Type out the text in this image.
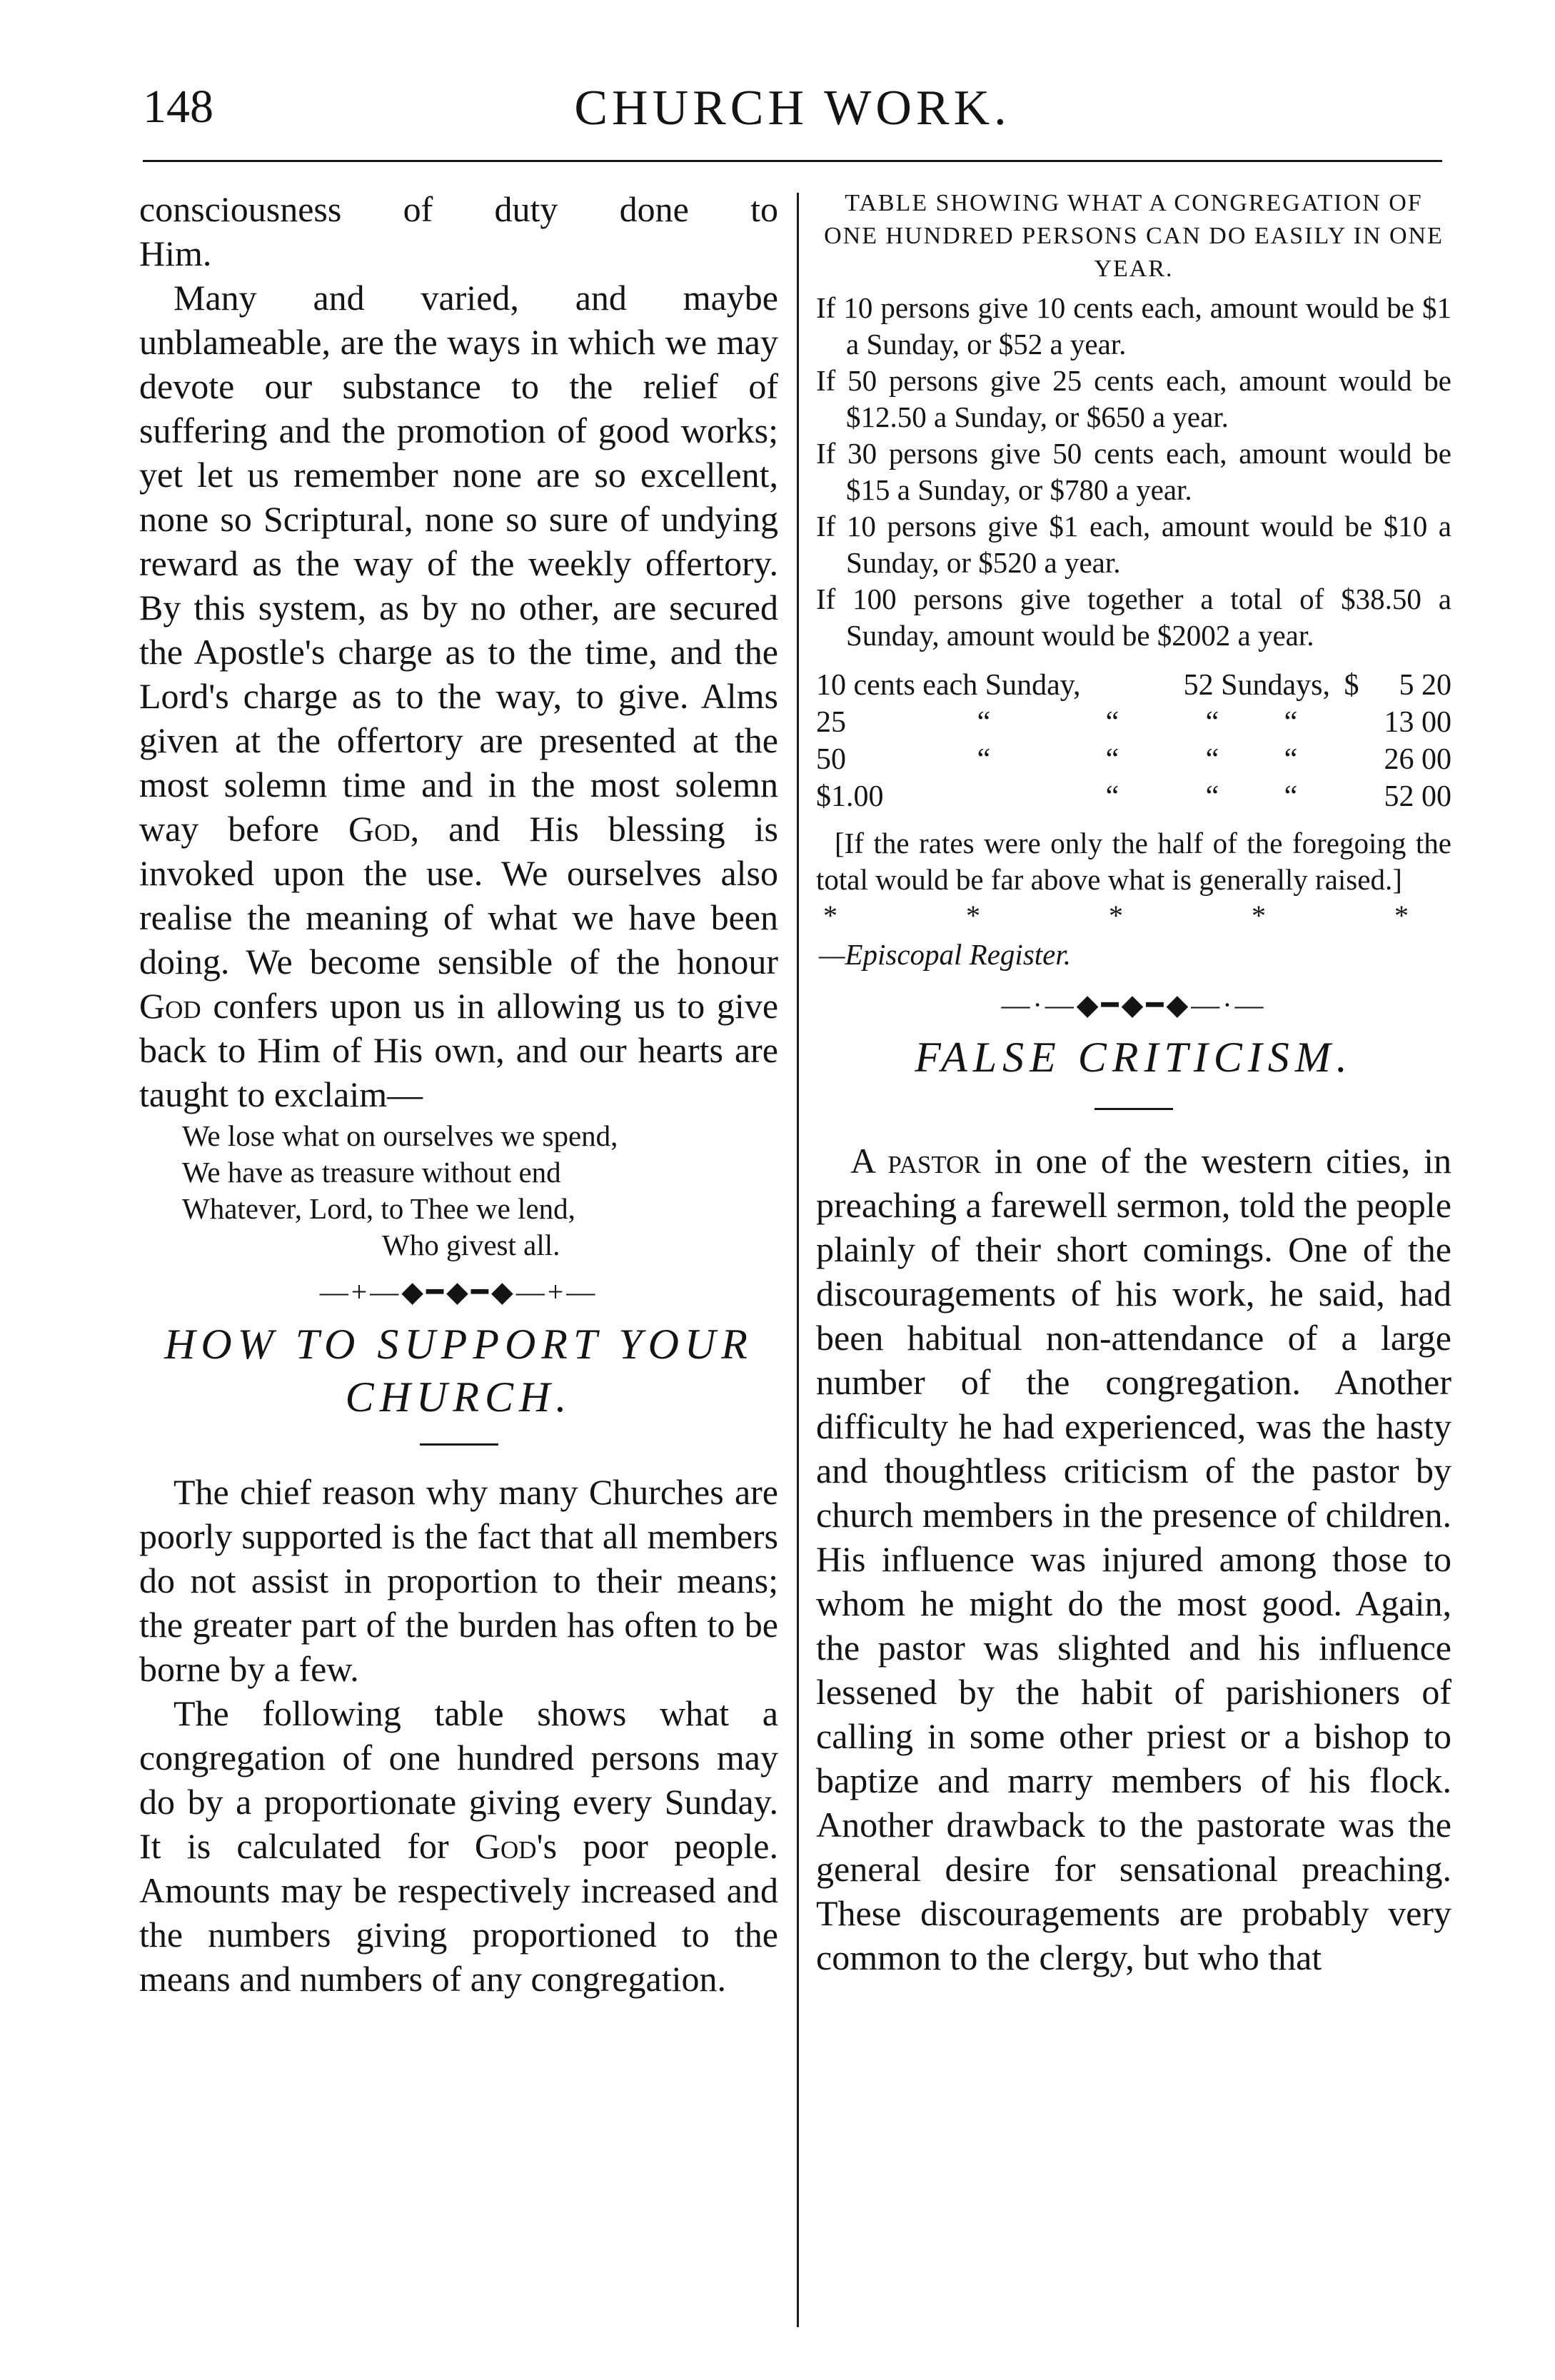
148	CHURCH WORK.

consciousness of duty done to
Him.

Many and varied, and maybe unblameable, are the ways in which we may devote our substance to the relief of suffering and the promotion of good works; yet let us remember none are so excellent, none so Scriptural, none so sure of undying reward as the way of the weekly offertory. By this system, as by no other, are secured the Apostle's charge as to the time, and the Lord's charge as to the way, to give. Alms given at the offertory are presented at the most solemn time and in the most solemn way before God, and His blessing is invoked upon the use. We ourselves also realise the meaning of what we have been doing. We become sensible of the honour God confers upon us in allowing us to give back to Him of His own, and our hearts are taught to exclaim—

We lose what on ourselves we spend,
We have as treasure without end
Whatever, Lord, to Thee we lend,
Who givest all.
—+—◆━◆━◆—+—

HOW TO SUPPORT YOUR
CHURCH.

The chief reason why many Churches are poorly supported is the fact that all members do not assist in proportion to their means; the greater part of the burden has often to be borne by a few.

The following table shows what a congregation of one hundred persons may do by a proportionate giving every Sunday. It is calculated for God's poor people. Amounts may be respectively increased and the numbers giving proportioned to the means and numbers of any congregation.

TABLE SHOWING WHAT A CONGREGATION OF ONE HUNDRED PERSONS CAN DO EASILY IN ONE YEAR.

If 10 persons give 10 cents each, amount would be $1 a Sunday, or $52 a year.

If 50 persons give 25 cents each, amount would be $12.50 a Sunday, or $650 a year.

If 30 persons give 50 cents each, amount would be $15 a Sunday, or $780 a year.

If 10 persons give $1 each, amount would be $10 a Sunday, or $520 a year.

If 100 persons give together a total of $38.50 a Sunday, amount would be $2002 a year.

10 cents each Sunday,			52 Sundays,		$	5 20
25	“	“	“	“		13 00
50	“	“	“	“		26 00
$1.00		“	“	“		52 00

[If the rates were only the half of the foregoing the total would be far above what is generally raised.]

*	*	*	*	*
—Episcopal Register.
—·—◆━◆━◆—·—

FALSE CRITICISM.

A pastor in one of the western cities, in preaching a farewell sermon, told the people plainly of their short comings. One of the discouragements of his work, he said, had been habitual non-attendance of a large number of the congregation. Another difficulty he had experienced, was the hasty and thoughtless criticism of the pastor by church members in the presence of children. His influence was injured among those to whom he might do the most good. Again, the pastor was slighted and his influence lessened by the habit of parishioners of calling in some other priest or a bishop to baptize and marry members of his flock. Another drawback to the pastorate was the general desire for sensational preaching. These discouragements are probably very common to the clergy, but who that
